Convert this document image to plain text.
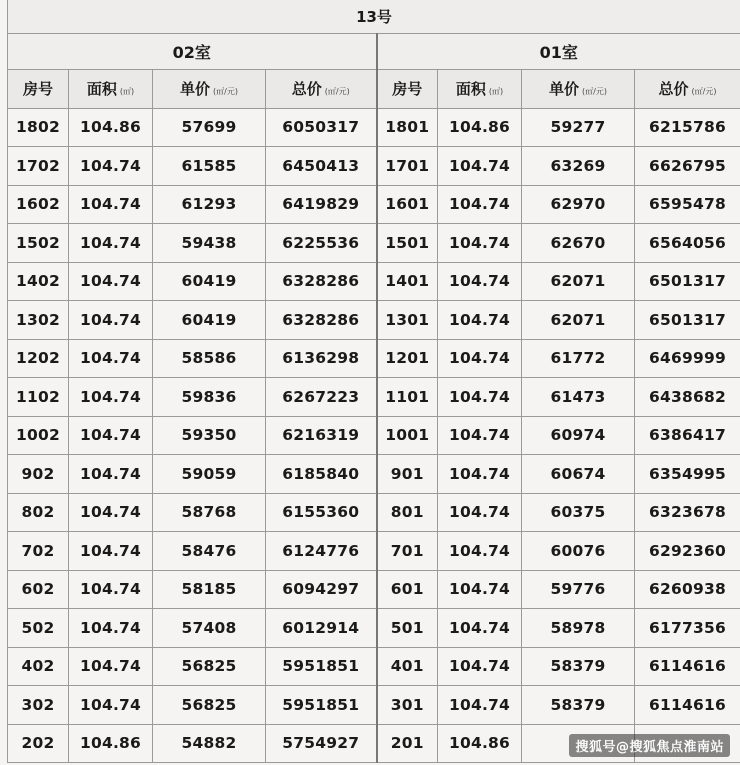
13号							
02室				01室			
房号	面积 (㎡)	单价 (㎡/元)	总价 (㎡/元)	房号	面积 (㎡)	单价 (㎡/元)	总价 (㎡/元)
1802	104.86	57699	6050317	1801	104.86	59277	6215786
1702	104.74	61585	6450413	1701	104.74	63269	6626795
1602	104.74	61293	6419829	1601	104.74	62970	6595478
1502	104.74	59438	6225536	1501	104.74	62670	6564056
1402	104.74	60419	6328286	1401	104.74	62071	6501317
1302	104.74	60419	6328286	1301	104.74	62071	6501317
1202	104.74	58586	6136298	1201	104.74	61772	6469999
1102	104.74	59836	6267223	1101	104.74	61473	6438682
1002	104.74	59350	6216319	1001	104.74	60974	6386417
902	104.74	59059	6185840	901	104.74	60674	6354995
802	104.74	58768	6155360	801	104.74	60375	6323678
702	104.74	58476	6124776	701	104.74	60076	6292360
602	104.74	58185	6094297	601	104.74	59776	6260938
502	104.74	57408	6012914	501	104.74	58978	6177356
402	104.74	56825	5951851	401	104.74	58379	6114616
302	104.74	56825	5951851	301	104.74	58379	6114616
202	104.86	54882	5754927	201	104.86			搜狐号@搜狐焦点淮南站
